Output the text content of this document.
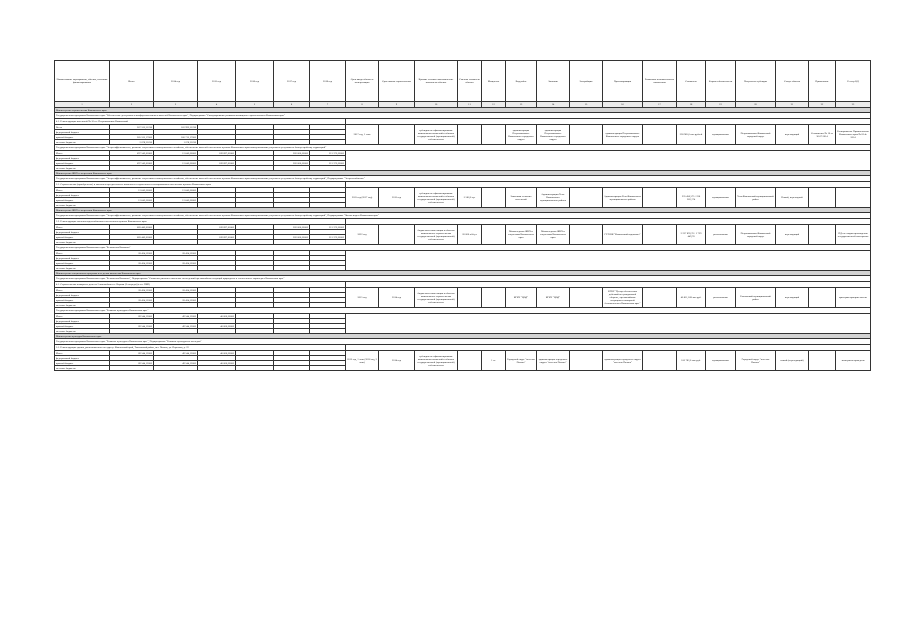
Наименование мероприятия, объекта, источник финансирования	Итого	2014 год	2015 год	2016 год	2017 год	2018 год	Срок ввода объекта в эксплуатацию	Срок начала строительства	Краткие технико-экономические показатели объекта	Сметная стоимость объекта	Мощность	Вид работ	Заказчик	Застройщик	Проектировщик	Реквизиты положительного заключения	Стоимость	Форма собственности	Получатель субсидии	Статус объекта	Примечание	Реестр ОД
1	2	3	4	5	6	7	8	9	10	11	12	13	14	15	16	17	18	19	20	21	22	23
Министерство строительства Камчатского края																						
Государственная программа Камчатского края "Обеспечение доступным и комфортным жильем жителей Камчатского края", Подпрограмма "Стимулирование развития жилищного строительства в Камчатском крае"																						
4.1. Реконструкция котельной № 10 в г. Петропавловск-Камчатский																						
Всего	267 535,51236	162 993,51236					2017 год, 1 этап		субсидия на софинансирование капитальных вложений в объекты государственной (муниципальной) собственности			администрация Петропавловск-Камчатского городского округа	администрация Петропавловск-Камчатского городского округа		администрация Петропавловск-Камчатского городского округа		338 965,6 тыс.рублей	муниципальная	Петропавловск-Камчатский городской округ	переходящий	Соглашение № 10 от 30.07.2014	Распоряжение Правительства Камчатского края № 81-4-2014
федеральный бюджет																						
краевой бюджет	265 535,17000	160 715,17000																				
местные бюджеты	2 078,35236	1 078,35236																				
Государственная программа Камчатского края "Энергоэффективность, развитие энергетики и коммунального хозяйства, обеспечение жителей населенных пунктов Камчатского края коммунальными услугами и услугами по благоустройству территорий"																						
Итого	697 543,61660	12 643,00000	189 897,61660		282 000,00000	213 373,00000																
федеральный бюджет																						
краевой бюджет	697 543,61660	12 643,00000	189 897,61660		282 000,00000	213 373,00000																
местные бюджеты																						
Министерство ЖКХ и энергетики Камчатского края																						
Государственная программа Камчатского края "Энергоэффективность, развитие энергетики и коммунального хозяйства, обеспечение жителей населенных пунктов Камчатского края коммунальными услугами и услугами по благоустройству территорий", Подпрограмма "Энергоснабжение"																						
3.1. Строительство (приобретение) и монтаж ветро-дизельного комплекса в отдаленных и изолированных населенных пунктах Камчатского края																						
Итого	12 643,00000	12 643,00000					2015 год (2017 год)	2015 год	субсидия на софинансирование капитальных вложений в объекты государственной (муниципальной) собственности	5 560,0 т.р.		Заказчики сельских поселений	Администрации Усть-Камчатского муниципального района		Администрации Усть-Камчатского муниципального района		235 456,575 / 236 262,174	муниципальная	Усть-Камчатский муниципальный район	Новый, переходный		
федеральный бюджет																						
краевой бюджет	12 643,00000	12 643,00000																				
местные бюджеты																						
Министерство ЖКХ и энергетики Камчатского края																						
Государственная программа Камчатского края "Энергоэффективность, развитие энергетики и коммунального хозяйства, обеспечение жителей населенных пунктов Камчатского края коммунальными услугами и услугами по благоустройству территорий", Подпрограмма "Чистая вода в Камчатском крае"																						
3.2. Реконструкция системы водоснабжения в населенных пунктах Камчатского края																						
Итого	683 443,61660		189 897,61660		282 000,00000	213 373,00000	2022 год		бюджетные инвестиции в объекты капитального строительства государственной (муниципальной) собственности	20 000 м3/сут		Министерство ЖКХ и энергетики Камчатского края	Министерство ЖКХ и энергетики Камчатского края		ГУП КК "Камчатский водоканал"		2 227 893,70 / 1 739 449,78	региональная	Петропавловск-Камчатский городской округ	переходящий		ПД на стадии прохождения государственной экспертизы
федеральный бюджет																						
краевой бюджет	683 443,61660		189 897,61660		282 000,00000	213 373,00000																
местные бюджеты																						
Государственная программа Камчатского края "Безопасная Камчатка"																						
Итого	28 424,52000	28 424,52000																				
федеральный бюджет																						
краевой бюджет	28 424,52000	28 424,52000																				
местные бюджеты																						
Министерство специальных программ и по делам казачества Камчатского края																						
Государственная программа Камчатского края "Безопасная Камчатка", Подпрограмма "Снижение рисков и смягчение последствий чрезвычайных ситуаций природного и техногенного характера в Камчатском крае"																						
4.1. Строительство пожарного депо на 2 автомобиля в с. Коряки (2 очередь) (в т.ч. ПИР)																						
Итого	28 424,52000	28 424,52000					2015 год	2014 год	бюджетные инвестиции в объекты капитального строительства государственной (муниципальной) собственности			КГКУ "ЦОД"	КГКУ "ЦОД"		КГКУ "Центр обеспечения действий по гражданской обороне, чрезвычайным ситуациям и пожарной безопасности в Камчатском крае"		40 611,168 тыс.руб.	региональная	Елизовский муниципальный район	переходящий		критерии приоритетности
федеральный бюджет																						
краевой бюджет	28 424,52000	28 424,52000																				
местные бюджеты																						
Государственная программа Камчатского края "Развитие культуры в Камчатском крае"																						
Итого	89 544,13000	49 544,13000	40 000,00000																			
федеральный бюджет																						
краевой бюджет	89 544,13000	49 544,13000	40 000,00000																			
местные бюджеты																						
Министерство культуры Камчатского края																						
Государственная программа Камчатского края "Развитие культуры в Камчатском крае", Подпрограмма "Развитие культурного наследия"																						
5.1. Реконструкция здания, расположенного по адресу: Камчатский край, Тигильский район, пгт. Палана, ул. Поротова, д. 22																						
Итого	89 544,13000	49 544,13000	40 000,00000				2015 год, 1 этап (2016 год, 2 этап)	2014 год	субсидия на софинансирование капитальных вложений в объекты государственной (муниципальной) собственности		1 эт.	Городской округ "поселок Палана"	администрация городского округа "поселок Палана"		администрация городского округа "поселок Палана"		100 783,0 тыс.руб.	муниципальная	Городской округ "поселок Палана"	новый (переходящий)		экспертиза проведена
федеральный бюджет																						
краевой бюджет	89 544,13000	49 544,13000	40 000,00000																			
местные бюджеты																						
